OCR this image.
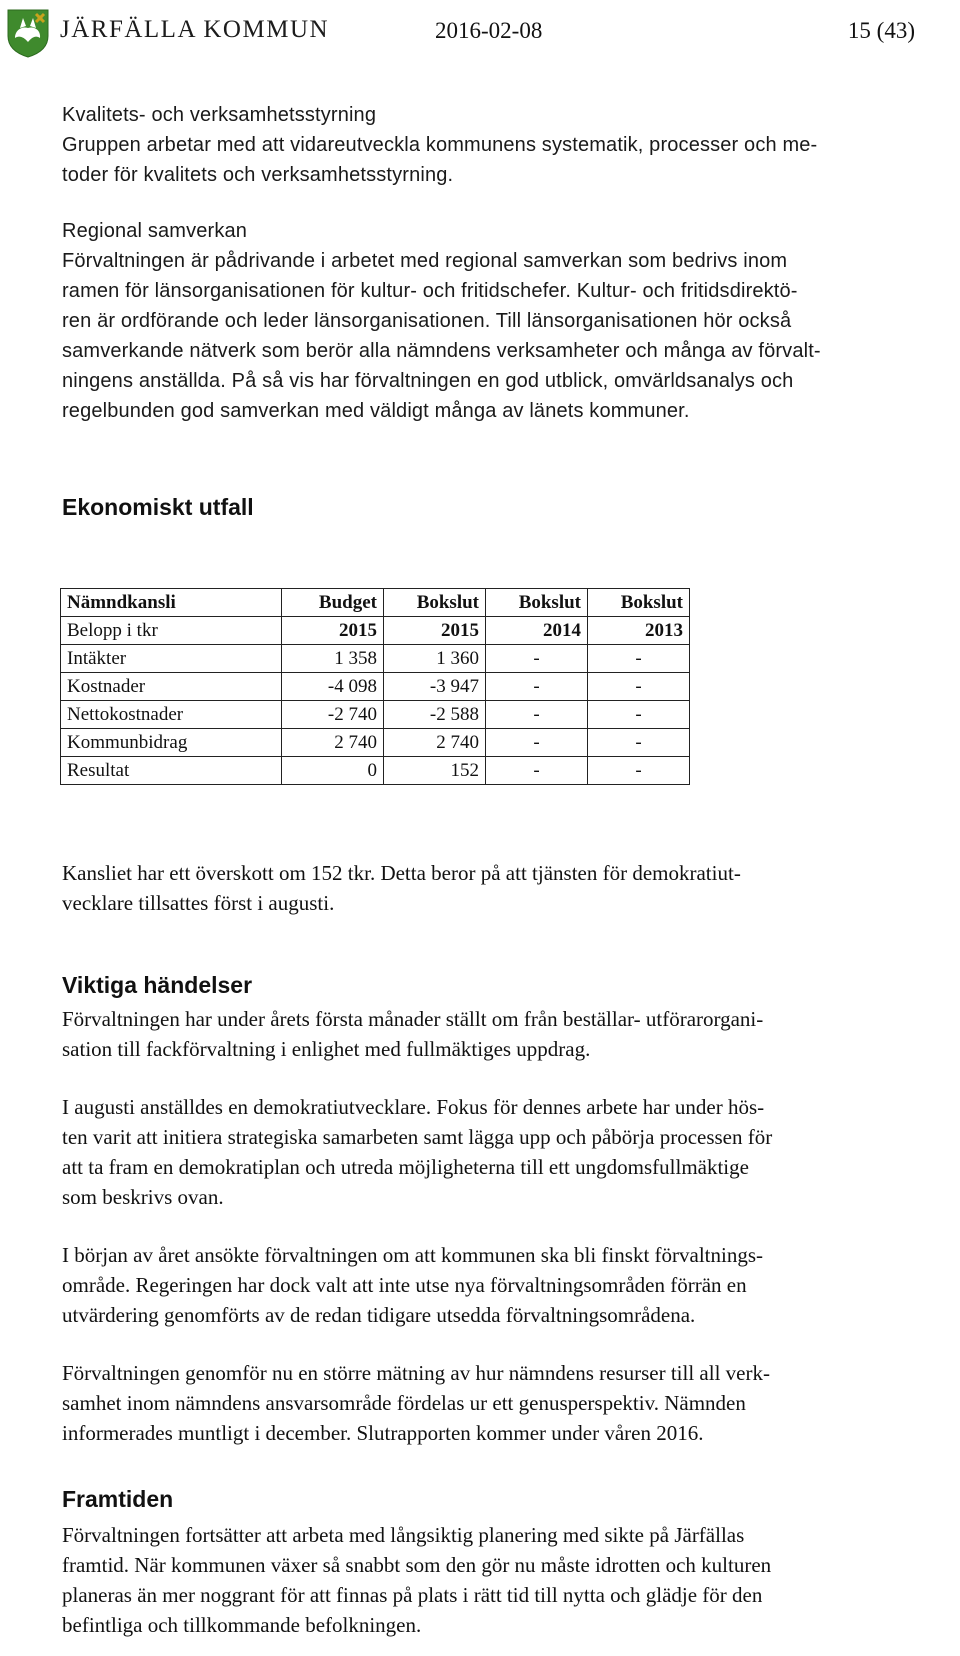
JÄRFÄLLA KOMMUN	2016-02-08	15 (43)

Kvalitets- och verksamhetsstyrning

Gruppen arbetar med att vidareutveckla kommunens systematik, processer och me-

toder för kvalitets och verksamhetsstyrning.

Regional samverkan

Förvaltningen är pådrivande i arbetet med regional samverkan som bedrivs inom

ramen för länsorganisationen för kultur- och fritidschefer. Kultur- och fritidsdirektö-

ren är ordförande och leder länsorganisationen. Till länsorganisationen hör också

samverkande nätverk som berör alla nämndens verksamheter och många av förvalt-

ningens anställda. På så vis har förvaltningen en god utblick, omvärldsanalys och

regelbunden god samverkan med väldigt många av länets kommuner.

Ekonomiskt utfall
Nämndkansli	Budget	Bokslut	Bokslut	Bokslut
Belopp i tkr	2015	2015	2014	2013
Intäkter	1 358	1 360	-	-
Kostnader	-4 098	-3 947	-	-
Nettokostnader	-2 740	-2 588	-	-
Kommunbidrag	2 740	2 740	-	-
Resultat	0	152	-	-

Kansliet har ett överskott om 152 tkr. Detta beror på att tjänsten för demokratiut-

vecklare tillsattes först i augusti.

Viktiga händelser

Förvaltningen har under årets första månader ställt om från beställar- utförarorgani-

sation till fackförvaltning i enlighet med fullmäktiges uppdrag.

I augusti anställdes en demokratiutvecklare. Fokus för dennes arbete har under hös-

ten varit att initiera strategiska samarbeten samt lägga upp och påbörja processen för

att ta fram en demokratiplan och utreda möjligheterna till ett ungdomsfullmäktige

som beskrivs ovan.

I början av året ansökte förvaltningen om att kommunen ska bli finskt förvaltnings-

område. Regeringen har dock valt att inte utse nya förvaltningsområden förrän en

utvärdering genomförts av de redan tidigare utsedda förvaltningsområdena.

Förvaltningen genomför nu en större mätning av hur nämndens resurser till all verk-

samhet inom nämndens ansvarsområde fördelas ur ett genusperspektiv. Nämnden

informerades muntligt i december. Slutrapporten kommer under våren 2016.

Framtiden

Förvaltningen fortsätter att arbeta med långsiktig planering med sikte på Järfällas

framtid. När kommunen växer så snabbt som den gör nu måste idrotten och kulturen

planeras än mer noggrant för att finnas på plats i rätt tid till nytta och glädje för den

befintliga och tillkommande befolkningen.
